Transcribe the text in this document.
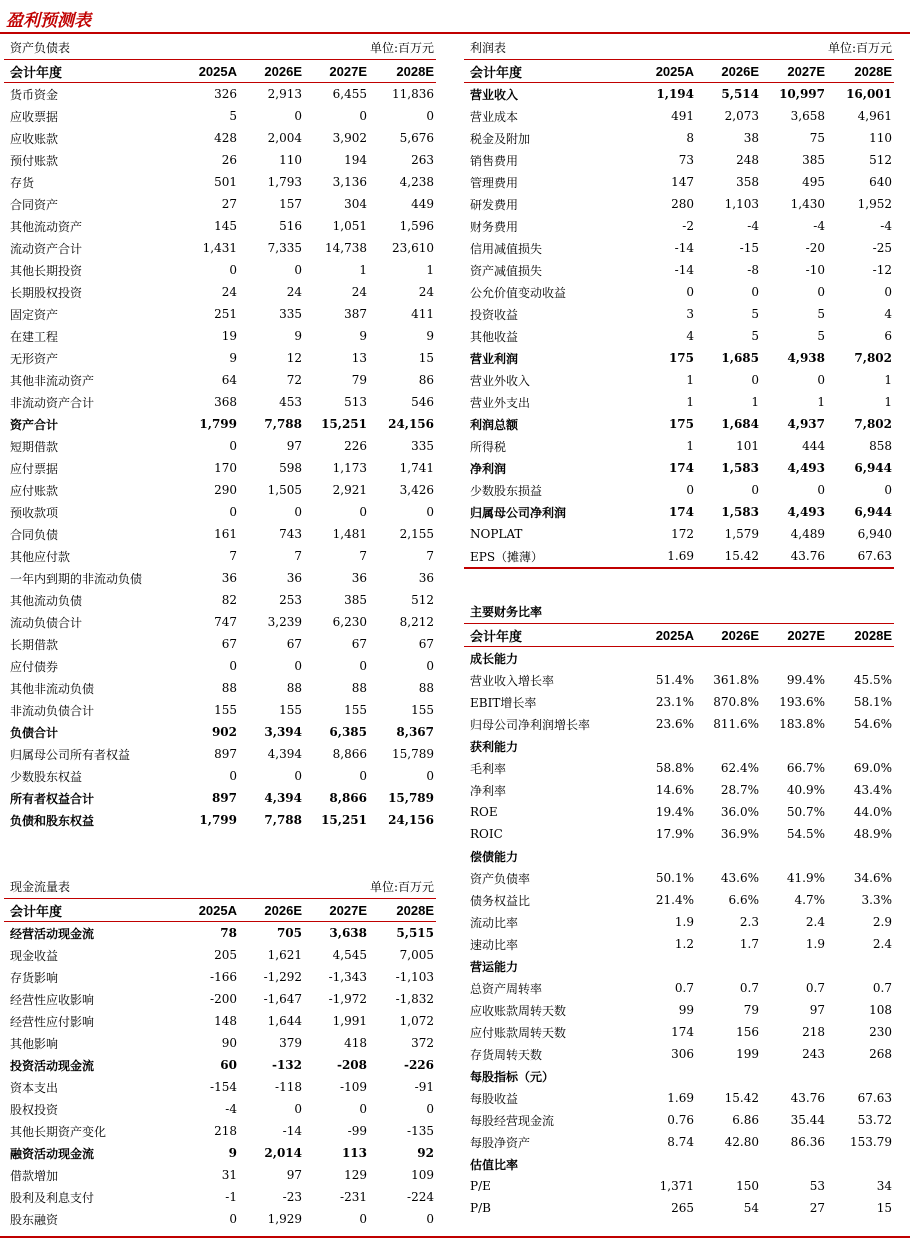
盈利预测表
资产负债表	单位:百万元
会计年度	2025A	2026E	2027E	2028E
货币资金	326	2,913	6,455	11,836
应收票据	5	0	0	0
应收账款	428	2,004	3,902	5,676
预付账款	26	110	194	263
存货	501	1,793	3,136	4,238
合同资产	27	157	304	449
其他流动资产	145	516	1,051	1,596
流动资产合计	1,431	7,335	14,738	23,610
其他长期投资	0	0	1	1
长期股权投资	24	24	24	24
固定资产	251	335	387	411
在建工程	19	9	9	9
无形资产	9	12	13	15
其他非流动资产	64	72	79	86
非流动资产合计	368	453	513	546
资产合计	1,799	7,788	15,251	24,156
短期借款	0	97	226	335
应付票据	170	598	1,173	1,741
应付账款	290	1,505	2,921	3,426
预收款项	0	0	0	0
合同负债	161	743	1,481	2,155
其他应付款	7	7	7	7
一年内到期的非流动负债	36	36	36	36
其他流动负债	82	253	385	512
流动负债合计	747	3,239	6,230	8,212
长期借款	67	67	67	67
应付债券	0	0	0	0
其他非流动负债	88	88	88	88
非流动负债合计	155	155	155	155
负债合计	902	3,394	6,385	8,367
归属母公司所有者权益	897	4,394	8,866	15,789
少数股东权益	0	0	0	0
所有者权益合计	897	4,394	8,866	15,789
负债和股东权益	1,799	7,788	15,251	24,156
利润表	单位:百万元
会计年度	2025A	2026E	2027E	2028E
营业收入	1,194	5,514	10,997	16,001
营业成本	491	2,073	3,658	4,961
税金及附加	8	38	75	110
销售费用	73	248	385	512
管理费用	147	358	495	640
研发费用	280	1,103	1,430	1,952
财务费用	-2	-4	-4	-4
信用减值损失	-14	-15	-20	-25
资产减值损失	-14	-8	-10	-12
公允价值变动收益	0	0	0	0
投资收益	3	5	5	4
其他收益	4	5	5	6
营业利润	175	1,685	4,938	7,802
营业外收入	1	0	0	1
营业外支出	1	1	1	1
利润总额	175	1,684	4,937	7,802
所得税	1	101	444	858
净利润	174	1,583	4,493	6,944
少数股东损益	0	0	0	0
归属母公司净利润	174	1,583	4,493	6,944
NOPLAT	172	1,579	4,489	6,940
EPS（摊薄）	1.69	15.42	43.76	67.63
主要财务比率
会计年度	2025A	2026E	2027E	2028E
成长能力				
营业收入增长率	51.4%	361.8%	99.4%	45.5%
EBIT增长率	23.1%	870.8%	193.6%	58.1%
归母公司净利润增长率	23.6%	811.6%	183.8%	54.6%
获利能力				
毛利率	58.8%	62.4%	66.7%	69.0%
净利率	14.6%	28.7%	40.9%	43.4%
ROE	19.4%	36.0%	50.7%	44.0%
ROIC	17.9%	36.9%	54.5%	48.9%
偿债能力				
资产负债率	50.1%	43.6%	41.9%	34.6%
债务权益比	21.4%	6.6%	4.7%	3.3%
流动比率	1.9	2.3	2.4	2.9
速动比率	1.2	1.7	1.9	2.4
营运能力				
总资产周转率	0.7	0.7	0.7	0.7
应收账款周转天数	99	79	97	108
应付账款周转天数	174	156	218	230
存货周转天数	306	199	243	268
每股指标（元）				
每股收益	1.69	15.42	43.76	67.63
每股经营现金流	0.76	6.86	35.44	53.72
每股净资产	8.74	42.80	86.36	153.79
估值比率				
P/E	1,371	150	53	34
P/B	265	54	27	15
现金流量表	单位:百万元
会计年度	2025A	2026E	2027E	2028E
经营活动现金流	78	705	3,638	5,515
现金收益	205	1,621	4,545	7,005
存货影响	-166	-1,292	-1,343	-1,103
经营性应收影响	-200	-1,647	-1,972	-1,832
经营性应付影响	148	1,644	1,991	1,072
其他影响	90	379	418	372
投资活动现金流	60	-132	-208	-226
资本支出	-154	-118	-109	-91
股权投资	-4	0	0	0
其他长期资产变化	218	-14	-99	-135
融资活动现金流	9	2,014	113	92
借款增加	31	97	129	109
股利及利息支付	-1	-23	-231	-224
股东融资	0	1,929	0	0
